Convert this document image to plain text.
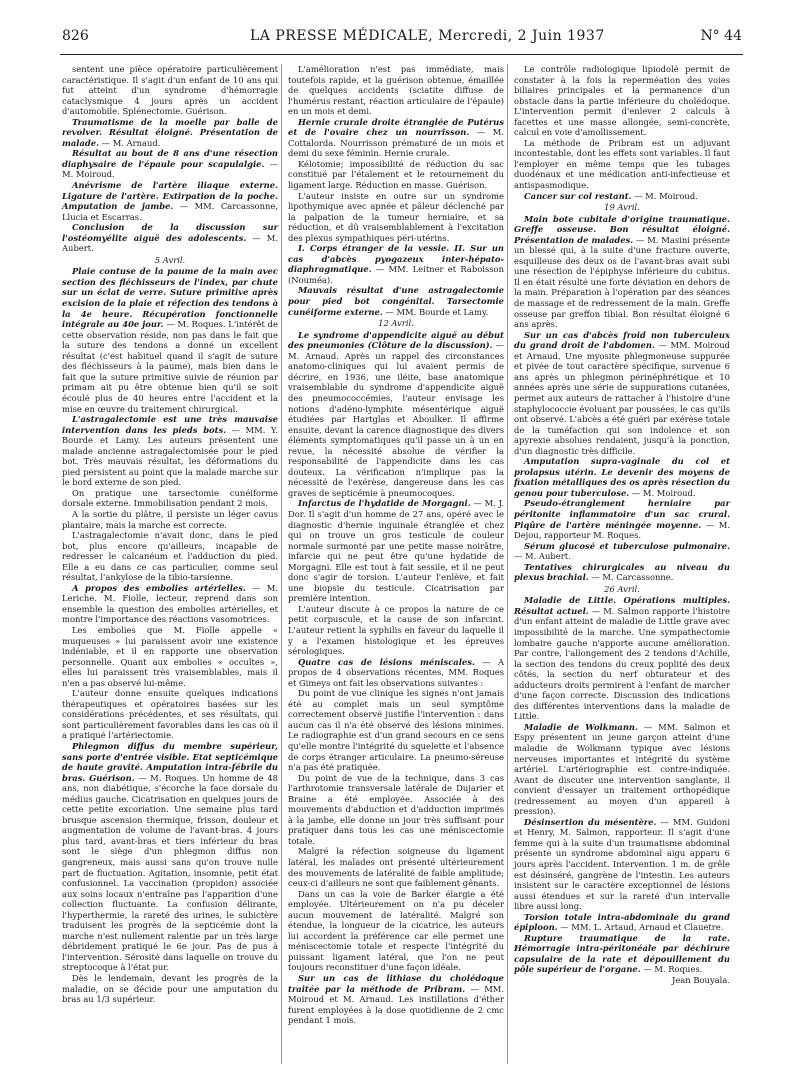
826	LA PRESSE MÉDICALE, Mercredi, 2 Juin 1937	N° 44

sentent une pièce opératoire particulièrement caractéristique. Il s'agit d'un enfant de 10 ans qui fut atteint d'un syndrome d'hémorragie cataclysmique 4 jours après un accident d'automobile. Splénectomie. Guérison.

Traumatisme de la moelle par balle de revolver. Résultat éloigné. Présentation de malade. — M. Arnaud.

Résultat au bout de 8 ans d'une résection diaphysaire de l'épaule pour scapulalgie. — M. Moiroud.

Anévrisme de l'artère iliaque externe. Ligature de l'artère. Extirpation de la poche. Amputation de jambe. — MM. Carcassonne, Llucia et Escarras.

Conclusion de la discussion sur l'ostéomyélite aiguë des adolescents. — M. Aubert.

5 Avril.

Plaie contuse de la paume de la main avec section des fléchisseurs de l'index, par chute sur un éclat de verre. Suture primitive après excision de la plaie et réfection des tendons à la 4e heure. Récupération fonctionnelle intégrale au 40e jour. — M. Roques. L'intérêt de cette observation réside, non pas dans le fait que la suture des tendons a donné un excellent résultat (c'est habituel quand il s'agit de suture des fléchisseurs à la paume), mais bien dans le fait que la suture primitive suivie de réunion par primam ait pu être obtenue bien qu'il se soit écoulé plus de 40 heures entre l'accident et la mise en œuvre du traitement chirurgical.

L'astragalectomie est une très mauvaise intervention dans les pieds bots. — MM. Y. Bourde et Lamy. Les auteurs présentent une malade ancienne astragalectomisée pour le pied bot. Très mauvais résultat, les déformations du pied persistent au point que la malade marche sur le bord externe de son pied.

On pratique une tarsectomie cunéiforme dorsale externe. Immobilisation pendant 2 mois.

A la sortie du plâtre, il persiste un léger cavus plantaire, mais la marche est correcte.

L'astragalectomie n'avait donc, dans le pied bot, plus encore qu'ailleurs, incapable de redresser le calcanéum et l'adduction du pied. Elle a eu dans ce cas particulier, comme seul résultat, l'ankylose de la tibio-tarsienne.

A propos des embolies artérielles. — M. Leriche. M. Fiolle, lecteur, reprend dans son ensemble la question des embolies artérielles, et montre l'importance des réactions vasomotrices.

Les embolies que M. Fiolle appelle « muqueuses » lui paraissent avoir une existence indéniable, et il en rapporte une observation personnelle. Quant aux embolies « occultes », elles lui paraissent très vraisemblables, mais il n'en a pas observé lui-même.

L'auteur donne ensuite quelques indications thérapeutiques et opératoires basées sur les considérations précédentes, et ses résultats, qui sont particulièrement favorables dans les cas où il a pratiqué l'artériectomie.

Phlegmon diffus du membre supérieur, sans porte d'entrée visible. Etat septicémique de haute gravité. Amputation intra-fébrile du bras. Guérison. — M. Roques. Un homme de 48 ans, non diabétique, s'écorche la face dorsale du médius gauche. Cicatrisation en quelques jours de cette petite excoriation. Une semaine plus tard brusque ascension thermique, frisson, douleur et augmentation de volume de l'avant-bras. 4 jours plus tard, avant-bras et tiers inférieur du bras sont le siège d'un phlegmon diffus non gangreneux, mais aussi sans qu'on trouve nulle part de fluctuation. Agitation, insomnie, petit état confusionnel. La vaccination (propidon) associée aux soins locaux n'entraîne pas l'apparition d'une collection fluctuante. La confusion délirante, l'hyperthermie, la rareté des urines, le subictère traduisent les progrès de la septicémie dont la marche n'est nullement ralentie par un très large débridement pratiqué le 6e jour. Pas de pus à l'intervention. Sérosité dans laquelle on trouve du streptocoque à l'état pur.

Dès le lendemain, devant les progrès de la maladie, on se décide pour une amputation du bras au 1/3 supérieur.

L'amélioration n'est pas immédiate, mais toutefois rapide, et la guérison obtenue, émaillée de quelques accidents (sciatite diffuse de l'humérus restant, réaction articulaire de l'épaule) en un mois et demi.

Hernie crurale droite étranglée de Putérus et de l'ovaire chez un nourrisson. — M. Cottalorda. Nourrisson prématuré de un mois et demi du sexe féminin. Hernie crurale.

Kélotomie; impossibilité de réduction du sac constitué par l'étalement et le retournement du ligament large. Réduction en masse. Guérison.

L'auteur insiste en outre sur un syndrome lipothymique avec apnée et pâleur déclenché par la palpation de la tumeur herniaire, et sa réduction, et dû vraisemblablement à l'excitation des plexus sympathiques péri-utérins.

I. Corps étranger de la vessie. II. Sur un cas d'abcès pyogazeux inter-hépato-diaphragmatique. — MM. Leitner et Raboisson (Nouméa).

Mauvais résultat d'une astragalectomie pour pied bot congénital. Tarsectomie cunéiforme externe. — MM. Bourde et Lamy.

12 Avril.

Le syndrome d'appendicite aiguë au début des pneumonies (Clôture de la discussion). — M. Arnaud. Après un rappel des circonstances anatomo-cliniques qui lui avaient permis de décrire, en 1936, une iléite, base anatomique vraisemblable du syndrome d'appendicite aiguë des pneumococcémies, l'auteur envisage les notions d'adéno-lymphite mésentérique aiguë étudiées par Hartglas et Aboulker. Il affirme ensuite, devant la carence diagnostique des divers éléments symptomatiques qu'il passe un à un en revue, la nécessité absolue de vérifier la responsabilité de l'appendicite dans les cas douteux. La vérification n'implique pas la nécessité de l'exérèse, dangereuse dans les cas graves de septicémie à pneumocoques.

Infarctus de l'hydatide de Morgagni. — M. J. Dor. Il s'agit d'un homme de 27 ans, opéré avec le diagnostic d'hernie inguinale étranglée et chez qui on trouve un gros testicule de couleur normale surmonté par une petite masse noirâtre, infarcie qui ne peut être qu'une hydatide de Morgagni. Elle est tout à fait sessile, et il ne peut donc s'agir de torsion. L'auteur l'enlève, et fait une biopsie du testicule. Cicatrisation par première intention.

L'auteur discute à ce propos la nature de ce petit corpuscule, et la cause de son infarcint. L'auteur retient la syphilis en faveur du laquelle il y a l'examen histologique et les épreuves sérologiques.

Quatre cas de lésions méniscales. — A propos de 4 observations récentes, MM. Roques et Gimeys ont fait les observations suivantes :

Du point de vue clinique les signes n'ont jamais été au complet mais un seul symptôme correctement observé justifie l'intervention : dans aucun cas il n'a été observé des lésions minimes. Le radiographie est d'un grand secours en ce sens qu'elle montre l'intégrité du squelette et l'absence de corps étranger articulaire. La pneumo-séreuse n'a pas été pratiquée.

Du point de vue de la technique, dans 3 cas l'arthrotomie transversale latérale de Dujarier et Braine a été employée. Associée à des mouvements d'abduction et d'adduction imprimés à la jambe, elle donne un jour très suffisant pour pratiquer dans tous les cas une méniscectomie totale.

Malgré la réfection soigneuse du ligament latéral, les malades ont présenté ultérieurement des mouvements de latéralité de faible amplitude; ceux-ci d'ailleurs ne sont que faiblement gênants.

Dans un cas la voie de Barker élargie a été employée. Ultérieurement on n'a pu déceler aucun mouvement de latéralité. Malgré son étendue, la longueur de la cicatrice, les auteurs lui accordent la préférence car elle permet une méniscectomie totale et respecte l'intégrité du puissant ligament latéral, que l'on ne peut toujours reconstituer d'une façon idéale.

Sur un cas de lithiase du cholédoque traitée par la méthode de Pribram. — MM. Moiroud et M. Arnaud. Les instillations d'éther furent employées à la dose quotidienne de 2 cmc pendant 1 mois.

Le contrôle radiologique lipiodolé permit de constater à la fois la reperméation des voies biliaires principales et la permanence d'un obstacle dans la partie inférieure du cholédoque. L'intervention permit d'enlever 2 calculs à facettes et une masse allongée, semi-concrète, calcul en voie d'amollissement.

La méthode de Pribram est un adjuvant incontestable, dont les effets sont variables. Il faut l'employer en même temps que les tubages duodénaux et une médication anti-infectieuse et antispasmodique.

Cancer sur col restant. — M. Moiroud.

19 Avril.

Main bote cubitale d'origine traumatique. Greffe osseuse. Bon résultat éloigné. Présentation de malades. — M. Masini présente un blessé qui, à la suite d'une fracture ouverte, esquilleuse des deux os de l'avant-bras avait subi une résection de l'épiphyse inférieure du cubitus. Il en était résulté une forte déviation en dehors de la main. Préparation à l'opération par des séances de massage et de redressement de la main. Greffe osseuse par greffon tibial. Bon résultat éloigné 6 ans après.

Sur un cas d'abcès froid non tuberculeux du grand droit de l'abdomen. — MM. Moiroud et Arnaud. Une myosite phlegmoneuse suppurée et pivée de tout caractère spécifique, survenue 6 ans après un phlegmon périnéphrétique et 10 années après une série de suppurations cutanées, permet aux auteurs de rattacher à l'histoire d'une staphylococcie évoluant par poussées, le cas qu'ils ont observé. L'abcès a été guéri par exérèse totale de la tuméfaction qui son indolence et son apyrexie absolues rendaient, jusqu'à la ponction, d'un diagnostic très difficile.

Amputation supra-vaginale du col et prolapsus utérin. Le devenir des moyens de fixation métalliques des os après résection du genou pour tuberculose. — M. Moiroud.

Pseudo-étranglement herniaire par péritonite inflammatoire d'un sac crural. Piqûre de l'artère méningée moyenne. — M. Dejou, rapporteur M. Roques.

Sérum glucosé et tuberculose pulmonaire. — M. Aubert.

Tentatives chirurgicales au niveau du plexus brachial. — M. Carcassonne.

26 Avril.

Maladie de Little. Opérations multiples. Résultat actuel. — M. Salmon rapporte l'histoire d'un enfant atteint de maladie de Little grave avec impossibilité de la marche. Une sympathectomie lombaire gauche n'apporte aucune amélioration. Par contre, l'allongement des 2 tendons d'Achille, la section des tendons du creux poplité des deux côtés, la section du nerf obturateur et des adducteurs droits permirent à l'enfant de marcher d'une façon correcte. Discussion des indications des différentes interventions dans la maladie de Little.

Maladie de Wolkmann. — MM. Salmon et Espy présentent un jeune garçon atteint d'une maladie de Wolkmann typique avec lésions nerveuses importantes et intégrité du système artériel. L'artériographie est contre-indiquée. Avant de discuter une intervention sanglante, il convient d'essayer un traitement orthopédique (redressement au moyen d'un appareil à pression).

Désinsertion du mésentère. — MM. Guidoni et Henry, M. Salmon, rapporteur. Il s'agit d'une femme qui à la suite d'un traumatisme abdominal présente un syndrome abdominal aigu apparu 6 jours après l'accident. Intervention. 1 m. de grêle est désinséré, gangrène de l'intestin. Les auteurs insistent sur le caractère exceptionnel de lésions aussi étendues et sur la rareté d'un intervalle libre aussi long.

Torsion totale intra-abdominale du grand épiploon. — MM. L. Artaud, Arnaud et Clauetre.

Rupture traumatique de la rate. Hémorragie intra-péritonéale par déchirure capsulaire de la rate et dépouillement du pôle supérieur de l'organe. — M. Roques.

Jean Bouyala.
